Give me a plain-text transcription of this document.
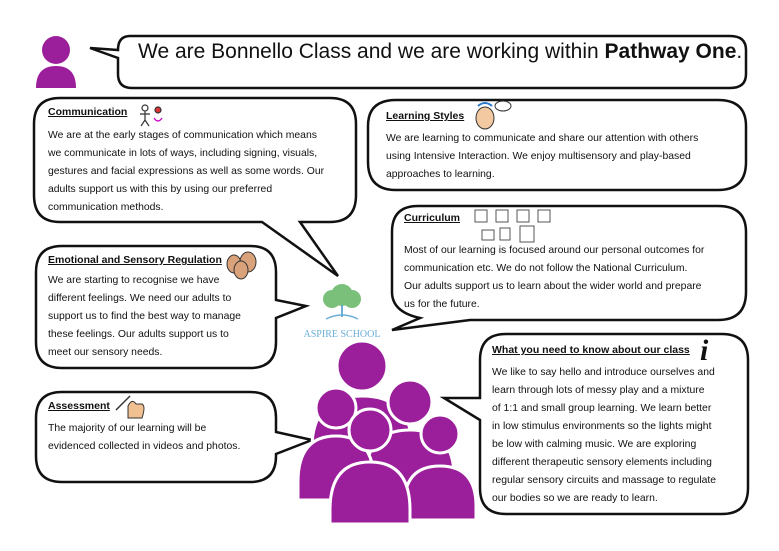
ASPIRE SCHOOL
We are Bonnello Class and we are working within Pathway One.
Communication
We are at the early stages of communication which means
we communicate in lots of ways, including signing, visuals,
gestures and facial expressions as well as some words. Our
adults support us with this by using our preferred
communication methods.
Learning Styles
We are learning to communicate and share our attention with others
using Intensive Interaction. We enjoy multisensory and play-based
approaches to learning.
Curriculum
Most of our learning is focused around our personal outcomes for
communication etc. We do not follow the National Curriculum.
Our adults support us to learn about the wider world and prepare
us for the future.
Emotional and Sensory Regulation
We are starting to recognise we have
different feelings. We need our adults to
support us to find the best way to manage
these feelings. Our adults support us to
meet our sensory needs.
Assessment
The majority of our learning will be
evidenced collected in videos and photos.
What you need to know about our class i
We like to say hello and introduce ourselves and
learn through lots of messy play and a mixture
of 1:1 and small group learning. We learn better
in low stimulus environments so the lights might
be low with calming music. We are exploring
different therapeutic sensory elements including
regular sensory circuits and massage to regulate
our bodies so we are ready to learn.
